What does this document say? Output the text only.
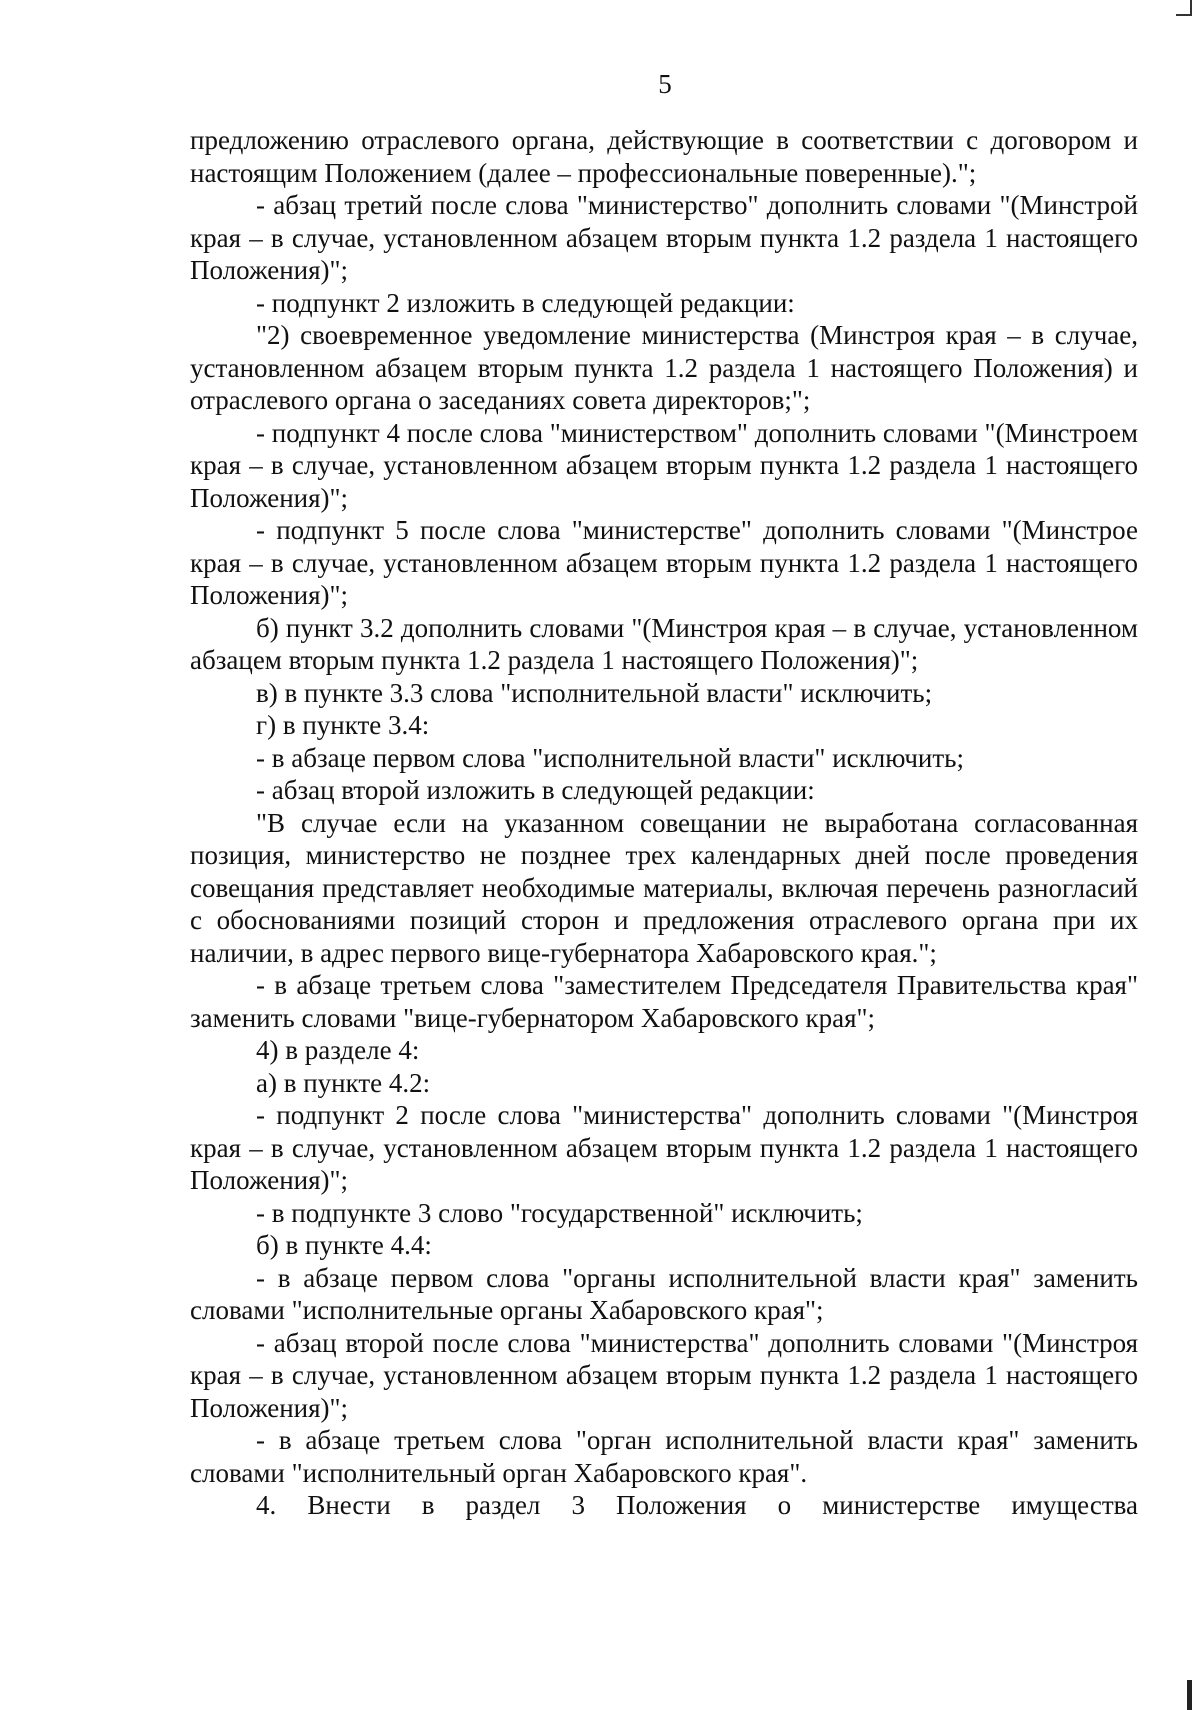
5

предложению отраслевого органа, действующие в соответствии с договором и настоящим Положением (далее – профессиональные поверенные).";

- абзац третий после слова "министерство" дополнить словами "(Минстрой края – в случае, установленном абзацем вторым пункта 1.2 раздела 1 настоящего Положения)";

- подпункт 2 изложить в следующей редакции:

"2) своевременное уведомление министерства (Минстроя края – в случае, установленном абзацем вторым пункта 1.2 раздела 1 настоящего Положения) и отраслевого органа о заседаниях совета директоров;";

- подпункт 4 после слова "министерством" дополнить словами "(Минстроем края – в случае, установленном абзацем вторым пункта 1.2 раздела 1 настоящего Положения)";

- подпункт 5 после слова "министерстве" дополнить словами "(Минстрое края – в случае, установленном абзацем вторым пункта 1.2 раздела 1 настоящего Положения)";

б) пункт 3.2 дополнить словами "(Минстроя края – в случае, установленном абзацем вторым пункта 1.2 раздела 1 настоящего Положения)";

в) в пункте 3.3 слова "исполнительной власти" исключить;

г) в пункте 3.4:

- в абзаце первом слова "исполнительной власти" исключить;

- абзац второй изложить в следующей редакции:

"В случае если на указанном совещании не выработана согласованная позиция, министерство не позднее трех календарных дней после проведения совещания представляет необходимые материалы, включая перечень разногласий с обоснованиями позиций сторон и предложения отраслевого органа при их наличии, в адрес первого вице-губернатора Хабаровского края.";

- в абзаце третьем слова "заместителем Председателя Правительства края" заменить словами "вице-губернатором Хабаровского края";

4) в разделе 4:

а) в пункте 4.2:

- подпункт 2 после слова "министерства" дополнить словами "(Минстроя края – в случае, установленном абзацем вторым пункта 1.2 раздела 1 настоящего Положения)";

- в подпункте 3 слово "государственной" исключить;

б) в пункте 4.4:

- в абзаце первом слова "органы исполнительной власти края" заменить словами "исполнительные органы Хабаровского края";

- абзац второй после слова "министерства" дополнить словами "(Минстроя края – в случае, установленном абзацем вторым пункта 1.2 раздела 1 настоящего Положения)";

- в абзаце третьем слова "орган исполнительной власти края" заменить словами "исполнительный орган Хабаровского края".

4. Внести в раздел 3 Положения о министерстве имущества
